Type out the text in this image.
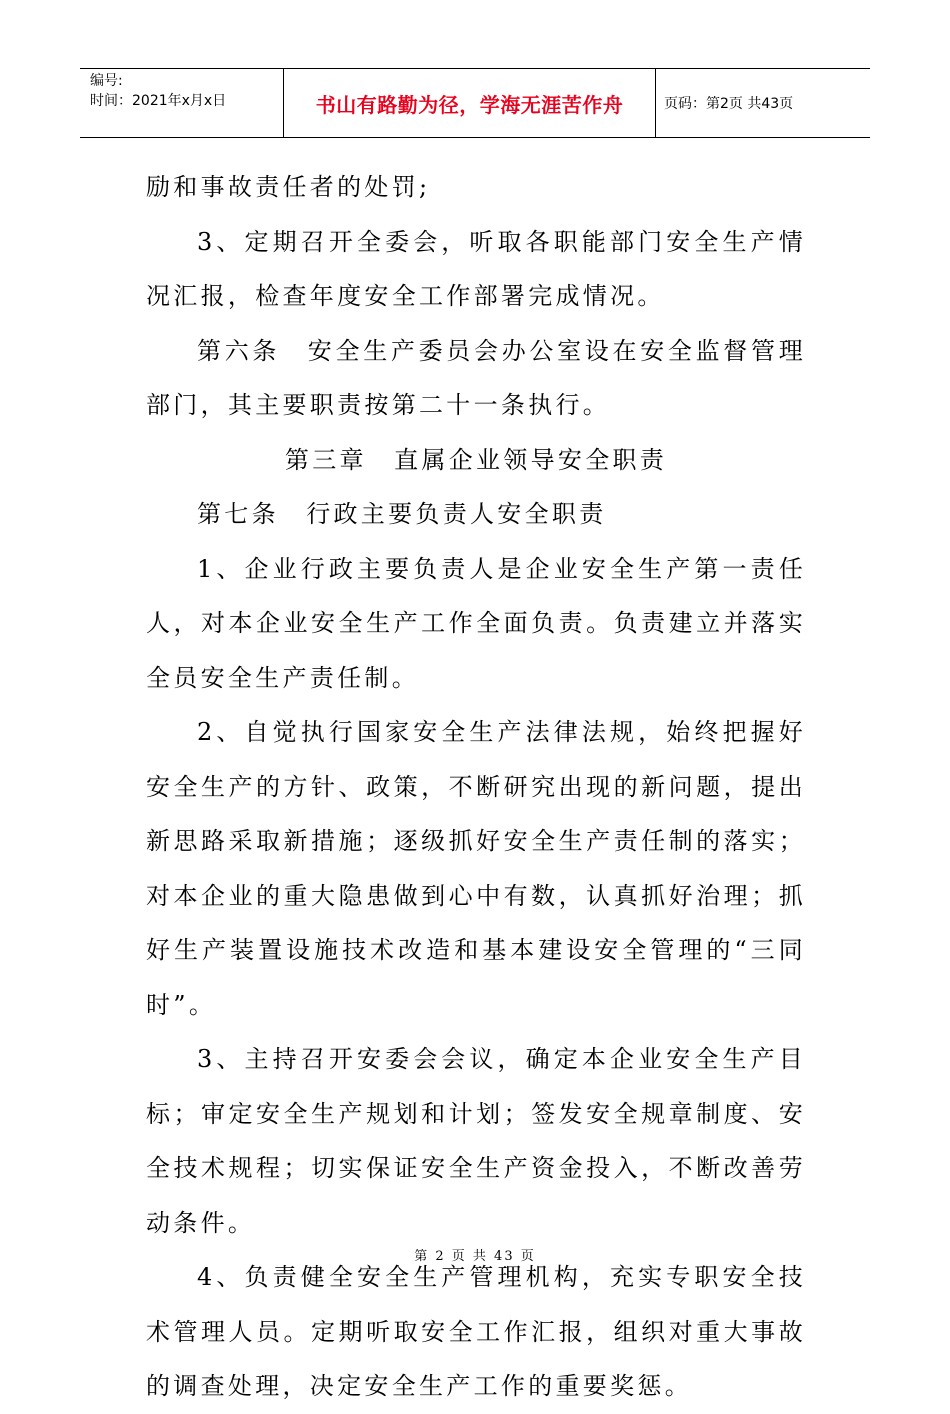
编号:
时间：2021年x月x日	书山有路勤为径，学海无涯苦作舟	页码：第2页 共43页

励和事故责任者的处罚;

3、定期召开全委会，听取各职能部门安全生产情况汇报，检查年度安全工作部署完成情况。

第六条　安全生产委员会办公室设在安全监督管理部门，其主要职责按第二十一条执行。

第三章　直属企业领导安全职责

第七条　行政主要负责人安全职责

1、企业行政主要负责人是企业安全生产第一责任人，对本企业安全生产工作全面负责。负责建立并落实全员安全生产责任制。

2、自觉执行国家安全生产法律法规，始终把握好安全生产的方针、政策，不断研究出现的新问题，提出新思路采取新措施；逐级抓好安全生产责任制的落实；对本企业的重大隐患做到心中有数，认真抓好治理；抓好生产装置设施技术改造和基本建设安全管理的“三同时”。

3、主持召开安委会会议，确定本企业安全生产目标；审定安全生产规划和计划；签发安全规章制度、安全技术规程；切实保证安全生产资金投入，不断改善劳动条件。

4、负责健全安全生产管理机构，充实专职安全技术管理人员。定期听取安全工作汇报，组织对重大事故的调查处理，决定安全生产工作的重要奖惩。

第 2 页 共 43 页
